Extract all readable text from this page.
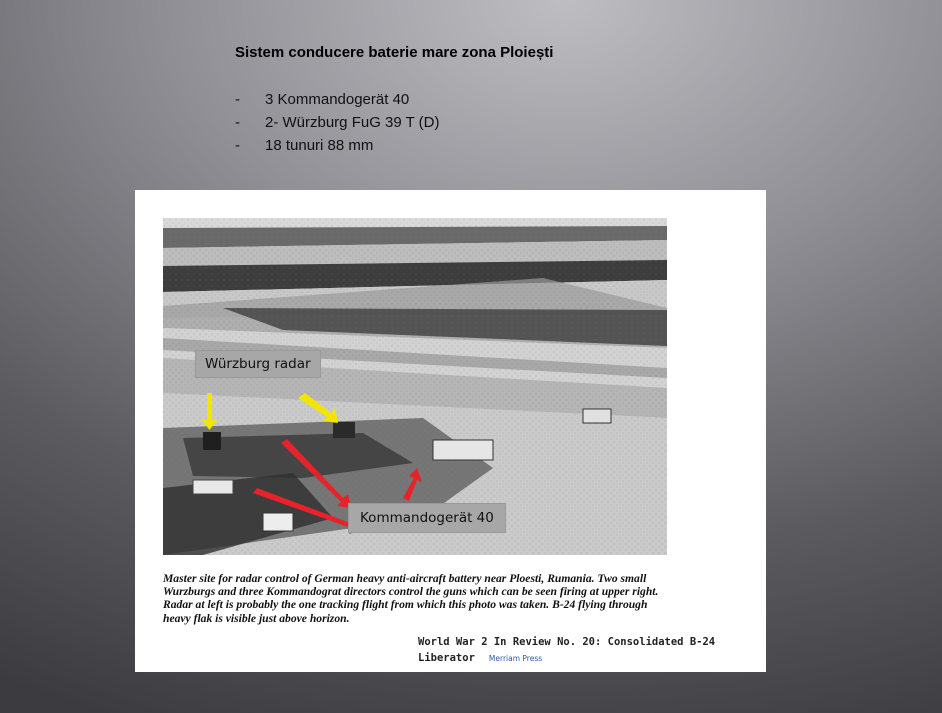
Sistem conducere baterie mare zona Ploiești
- 3 Kommandogerät 40
- 2- Würzburg FuG 39 T (D)
- 18 tunuri 88 mm
Würzburg radar
Kommandogerät 40

Master site for radar control of German heavy anti-aircraft battery near Ploesti, Rumania. Two small Wurzburgs and three Kommandograt directors control the guns which can be seen firing at upper right. Radar at left is probably the one tracking flight from which this photo was taken. B-24 flying through heavy flak is visible just above horizon.

World War 2 In Review No. 20: Consolidated B-24 Liberator Merriam Press
